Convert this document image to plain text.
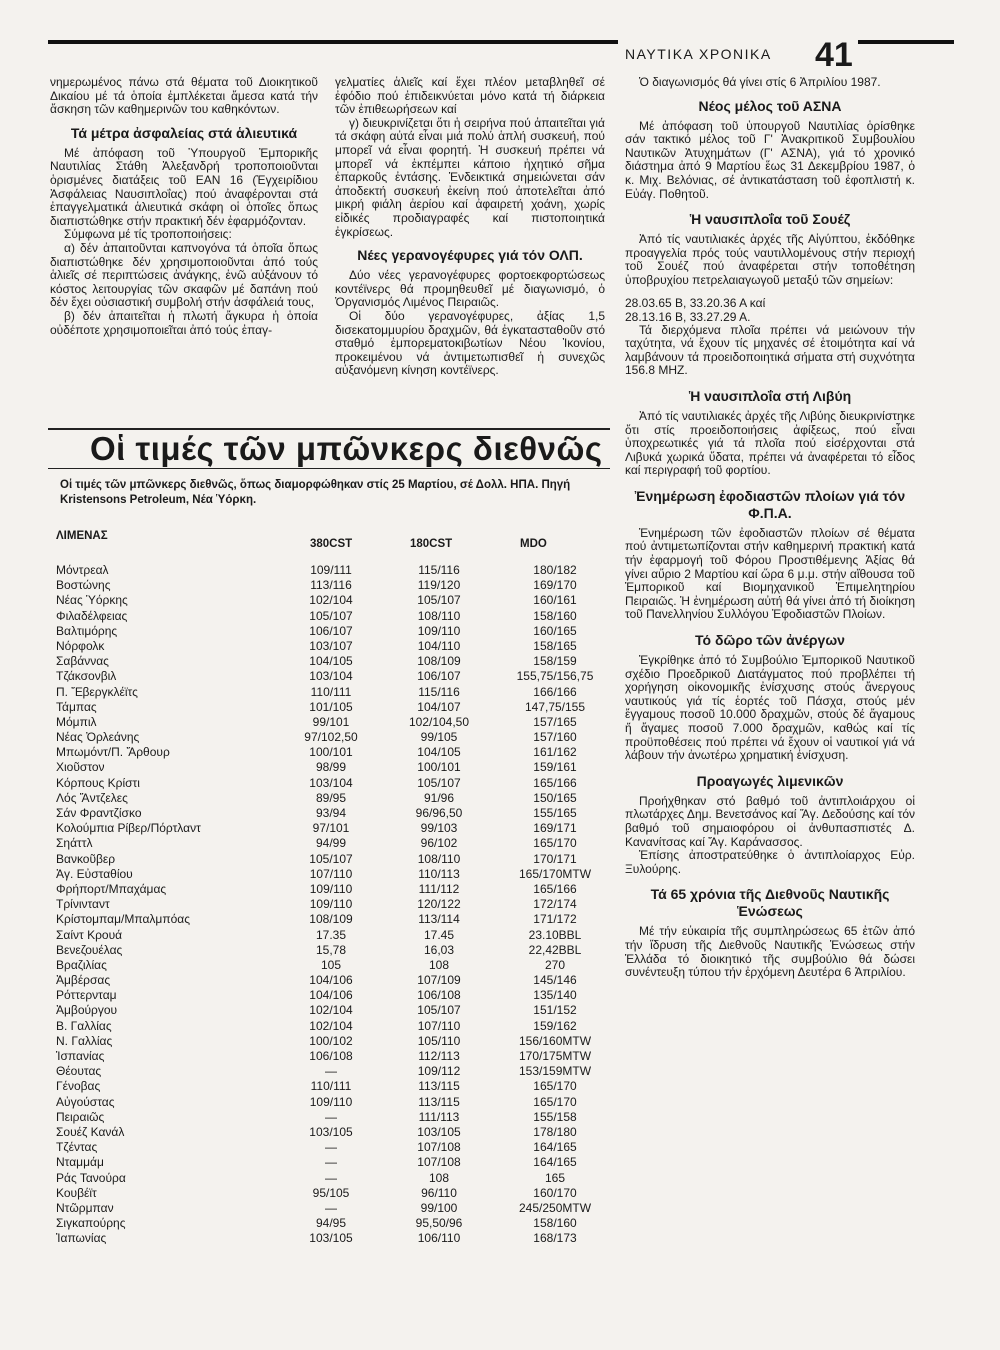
ΝΑΥΤΙΚΑ ΧΡΟΝΙΚΑ 41

νημερωμένος πάνω στά θέματα τοῦ Διοικητικοῦ Δικαίου μέ τά ὁποία ἐμπλέκεται ἄμεσα κατά τήν ἄσκηση τῶν καθημερινῶν του καθηκόντων.

Τά μέτρα ἀσφαλείας στά ἁλιευτικά

Μέ ἀπόφαση τοῦ Ὑπουργοῦ Ἐμπορικῆς Ναυτιλίας Στάθη Ἀλεξανδρή τροποποιοῦνται ὁρισμένες διατάξεις τοῦ ΕΑΝ 16 (Ἐγχειρίδιου Ἀσφάλειας Ναυσιπλοΐας) πού ἀναφέρονται στά ἐπαγγελματικά ἁλιευτικά σκάφη οἱ ὁποῖες ὅπως διαπιστώθηκε στήν πρακτική δέν ἐφαρμόζονταν.

Σύμφωνα μέ τίς τροποποιήσεις:

α) δέν ἀπαιτοῦνται καπνογόνα τά ὁποῖα ὅπως διαπιστώθηκε δέν χρησιμοποιοῦνται ἀπό τούς ἁλιεῖς σέ περιπτώσεις ἀνάγκης, ἐνῶ αὐξάνουν τό κόστος λειτουργίας τῶν σκαφῶν μέ δαπάνη πού δέν ἔχει οὐσιαστική συμβολή στήν ἀσφάλειά τους,

β) δέν ἀπαιτεῖται ἡ πλωτή ἄγκυρα ἡ ὁποία οὐδέποτε χρησιμοποιεῖται ἀπό τούς ἐπαγ-

γελματίες ἁλιεῖς καί ἔχει πλέον μεταβληθεῖ σέ ἐφόδιο πού ἐπιδεικνύεται μόνο κατά τή διάρκεια τῶν ἐπιθεωρήσεων καί

γ) διευκρινίζεται ὅτι ἡ σειρήνα πού ἀπαιτεῖται γιά τά σκάφη αὐτά εἶναι μιά πολύ ἁπλή συσκευή, πού μπορεῖ νά εἶναι φορητή. Ἡ συσκευή πρέπει νά μπορεῖ νά ἐκπέμπει κάποιο ἠχητικό σῆμα ἐπαρκοῦς ἐντάσης. Ἐνδεικτικά σημειώνεται σάν ἀποδεκτή συσκευή ἐκείνη πού ἀποτελεῖται ἀπό μικρή φιάλη ἀερίου καί ἀφαιρετή χοάνη, χωρίς εἰδικές προδιαγραφές καί πιστοποιητικά ἐγκρίσεως.

Νέες γερανογέφυρες γιά τόν ΟΛΠ.

Δύο νέες γερανογέφυρες φορτοεκφορτώσεως κοντέϊνερς θά προμηθευθεῖ μέ διαγωνισμό, ὁ Ὀργανισμός Λιμένος Πειραιῶς.

Οἱ δύο γερανογέφυρες, ἀξίας 1,5 δισεκατομμυρίου δραχμῶν, θά ἐγκατασταθοῦν στό σταθμό ἐμπορεματοκιβωτίων Νέου Ἰκονίου, προκειμένου νά ἀντιμετωπισθεῖ ἡ συνεχῶς αὐξανόμενη κίνηση κοντέϊνερς.

Ὁ διαγωνισμός θά γίνει στίς 6 Ἀπριλίου 1987.

Νέος μέλος τοῦ ΑΣΝΑ

Μέ ἀπόφαση τοῦ ὑπουργοῦ Ναυτιλίας ὁρίσθηκε σάν τακτικό μέλος τοῦ Γ' Ἀνακριτικοῦ Συμβουλίου Ναυτικῶν Ἀτυχημάτων (Γ' ΑΣΝΑ), γιά τό χρονικό διάστημα ἀπό 9 Μαρτίου ἕως 31 Δεκεμβρίου 1987, ὁ κ. Μιχ. Βελόνιας, σέ ἀντικατάσταση τοῦ ἐφοπλιστή κ. Εὐάγ. Ποθητοῦ.

Ἡ ναυσιπλοΐα τοῦ Σουέζ

Ἀπό τίς ναυτιλιακές ἀρχές τῆς Αἰγύπτου, ἐκδόθηκε προαγγελία πρός τούς ναυτιλλομένους στήν περιοχή τοῦ Σουέζ πού ἀναφέρεται στήν τοποθέτηση ὑποβρυχίου πετρελαιαγωγοῦ μεταξύ τῶν σημείων:

28.03.65 Β, 33.20.36 Α καί
28.13.16 Β, 33.27.29 Α.

Τά διερχόμενα πλοῖα πρέπει νά μειώνουν τήν ταχύτητα, νά ἔχουν τίς μηχανές σέ ἑτοιμότητα καί νά λαμβάνουν τά προειδοποιητικά σήματα στή συχνότητα 156.8 MHZ.

Ἡ ναυσιπλοΐα στή Λιβύη

Ἀπό τίς ναυτιλιακές ἀρχές τῆς Λιβύης διευκρινίστηκε ὅτι στίς προειδοποιήσεις ἀφίξεως, πού εἶναι ὑποχρεωτικές γιά τά πλοῖα πού εἰσέρχονται στά Λιβυκά χωρικά ὕδατα, πρέπει νά ἀναφέρεται τό εἶδος καί περιγραφή τοῦ φορτίου.

Ἐνημέρωση ἐφοδιαστῶν πλοίων γιά τόν Φ.Π.Α.

Ἐνημέρωση τῶν ἐφοδιαστῶν πλοίων σέ θέματα πού ἀντιμετωπίζονται στήν καθημερινή πρακτική κατά τήν ἐφαρμογή τοῦ Φόρου Προστιθέμενης Ἀξίας θά γίνει αὔριο 2 Μαρτίου καί ὥρα 6 μ.μ. στήν αἴθουσα τοῦ Ἐμπορικοῦ καί Βιομηχανικοῦ Ἐπιμελητηρίου Πειραιῶς. Ἡ ἐνημέρωση αὐτή θά γίνει ἀπό τή διοίκηση τοῦ Πανελληνίου Συλλόγου Ἐφοδιαστῶν Πλοίων.

Τό δῶρο τῶν ἀνέργων

Ἐγκρίθηκε ἀπό τό Συμβούλιο Ἐμπορικοῦ Ναυτικοῦ σχέδιο Προεδρικοῦ Διατάγματος πού προβλέπει τή χορήγηση οἰκονομικῆς ἐνίσχυσης στούς ἄνεργους ναυτικούς γιά τίς ἑορτές τοῦ Πάσχα, στούς μέν ἔγγαμους ποσοῦ 10.000 δραχμῶν, στούς δέ ἄγαμους ἤ ἄγαμες ποσοῦ 7.000 δραχμῶν, καθώς καί τίς προϋποθέσεις πού πρέπει νά ἔχουν οἱ ναυτικοί γιά νά λάβουν τήν ἀνωτέρω χρηματική ἐνίσχυση.

Προαγωγές λιμενικῶν

Προήχθηκαν στό βαθμό τοῦ ἀντιπλοιάρχου οἱ πλωτάρχες Δημ. Βενετσάνος καί Ἄγ. Δεδούσης καί τόν βαθμό τοῦ σημαιοφόρου οἱ ἀνθυπασπιστές Δ. Κανανίτσας καί Ἄγ. Καράνασσος.

Ἐπίσης ἀποστρατεύθηκε ὁ ἀντιπλοίαρχος Εὐρ. Ξυλούρης.

Τά 65 χρόνια τῆς Διεθνοῦς Ναυτικῆς Ἑνώσεως

Μέ τήν εὐκαιρία τῆς συμπληρώσεως 65 ἐτῶν ἀπό τήν ἵδρυση τῆς Διεθνοῦς Ναυτικῆς Ἑνώσεως στήν Ἑλλάδα τό διοικητικό τῆς συμβούλιο θά δώσει συνέντευξη τύπου τήν ἐρχόμενη Δευτέρα 6 Ἀπριλίου.

Οἱ τιμές τῶν μπῶνκερς διεθνῶς
Οἱ τιμές τῶν μπῶνκερς διεθνῶς, ὅπως διαμορφώθηκαν στίς 25 Μαρτίου, σέ Δολλ. ΗΠΑ. Πηγή Kristensons Petroleum, Νέα Ὑόρκη.
ΛΙΜΕΝΑΣ
380CST	180CST	MDO
Μόντρεαλ	109/111	115/116	180/182
Βοστώνης	113/116	119/120	169/170
Νέας Ὑόρκης	102/104	105/107	160/161
Φιλαδέλφειας	105/107	108/110	158/160
Βαλτιμόρης	106/107	109/110	160/165
Νόρφολκ	103/107	104/110	158/165
Σαβάννας	104/105	108/109	158/159
Τζάκσονβιλ	103/104	106/107	155,75/156,75
Π. Ἔβεργκλέϊτς	110/111	115/116	166/166
Τάμπας	101/105	104/107	147,75/155
Μόμπιλ	99/101	102/104,50	157/165
Νέας Ὀρλεάνης	97/102,50	99/105	157/160
Μπωμόντ/Π. Ἄρθουρ	100/101	104/105	161/162
Χιοῦστον	98/99	100/101	159/161
Κόρπους Κρίστι	103/104	105/107	165/166
Λός Ἄντζελες	89/95	91/96	150/165
Σάν Φραντζίσκο	93/94	96/96,50	155/165
Κολούμπια Ρίβερ/Πόρτλαντ	97/101	99/103	169/171
Σηάττλ	94/99	96/102	165/170
Βανκοῦβερ	105/107	108/110	170/171
Ἁγ. Εὐσταθίου	107/110	110/113	165/170MTW
Φρήπορτ/Μπαχάμας	109/110	111/112	165/166
Τρίνινταντ	109/110	120/122	172/174
Κρίστομπαμ/Μπαλμπόας	108/109	113/114	171/172
Σαίντ Κρουά	17.35	17.45	23.10BBL
Βενεζουέλας	15,78	16,03	22,42BBL
Βραζιλίας	105	108	270
Ἀμβέρσας	104/106	107/109	145/146
Ρόττερνταμ	104/106	106/108	135/140
Ἀμβούργου	102/104	105/107	151/152
Β. Γαλλίας	102/104	107/110	159/162
Ν. Γαλλίας	100/102	105/110	156/160MTW
Ἱσπανίας	106/108	112/113	170/175MTW
Θέουτας	—	109/112	153/159MTW
Γένοβας	110/111	113/115	165/170
Αὐγούστας	109/110	113/115	165/170
Πειραιῶς	—	111/113	155/158
Σουέζ Κανάλ	103/105	103/105	178/180
Τζέντας	—	107/108	164/165
Νταμμάμ	—	107/108	164/165
Ράς Τανούρα	—	108	165
Κουβέϊτ	95/105	96/110	160/170
Ντῶρμπαν	—	99/100	245/250MTW
Σιγκαπούρης	94/95	95,50/96	158/160
Ἰαπωνίας	103/105	106/110	168/173
